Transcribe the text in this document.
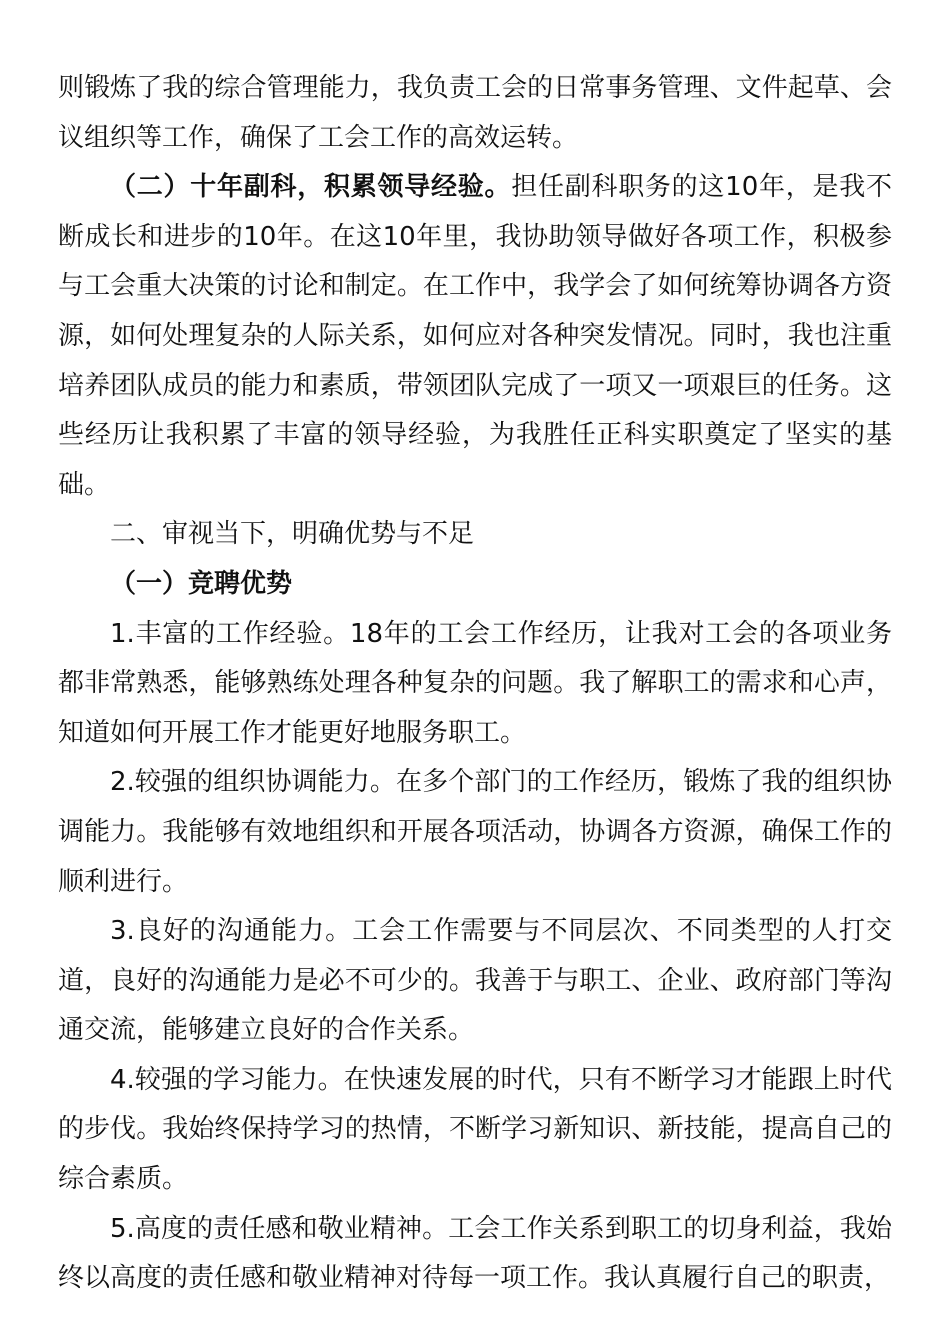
则锻炼了我的综合管理能力，我负责工会的日常事务管理、文件起草、会议组织等工作，确保了工会工作的高效运转。

（二）十年副科，积累领导经验。担任副科职务的这10年，是我不断成长和进步的10年。在这10年里，我协助领导做好各项工作，积极参与工会重大决策的讨论和制定。在工作中，我学会了如何统筹协调各方资源，如何处理复杂的人际关系，如何应对各种突发情况。同时，我也注重培养团队成员的能力和素质，带领团队完成了一项又一项艰巨的任务。这些经历让我积累了丰富的领导经验，为我胜任正科实职奠定了坚实的基础。

二、审视当下，明确优势与不足

（一）竞聘优势

1.丰富的工作经验。18年的工会工作经历，让我对工会的各项业务都非常熟悉，能够熟练处理各种复杂的问题。我了解职工的需求和心声，知道如何开展工作才能更好地服务职工。

2.较强的组织协调能力。在多个部门的工作经历，锻炼了我的组织协调能力。我能够有效地组织和开展各项活动，协调各方资源，确保工作的顺利进行。

3.良好的沟通能力。工会工作需要与不同层次、不同类型的人打交道，良好的沟通能力是必不可少的。我善于与职工、企业、政府部门等沟通交流，能够建立良好的合作关系。

4.较强的学习能力。在快速发展的时代，只有不断学习才能跟上时代的步伐。我始终保持学习的热情，不断学习新知识、新技能，提高自己的综合素质。

5.高度的责任感和敬业精神。工会工作关系到职工的切身利益，我始终以高度的责任感和敬业精神对待每一项工作。我认真履行自己的职责，
